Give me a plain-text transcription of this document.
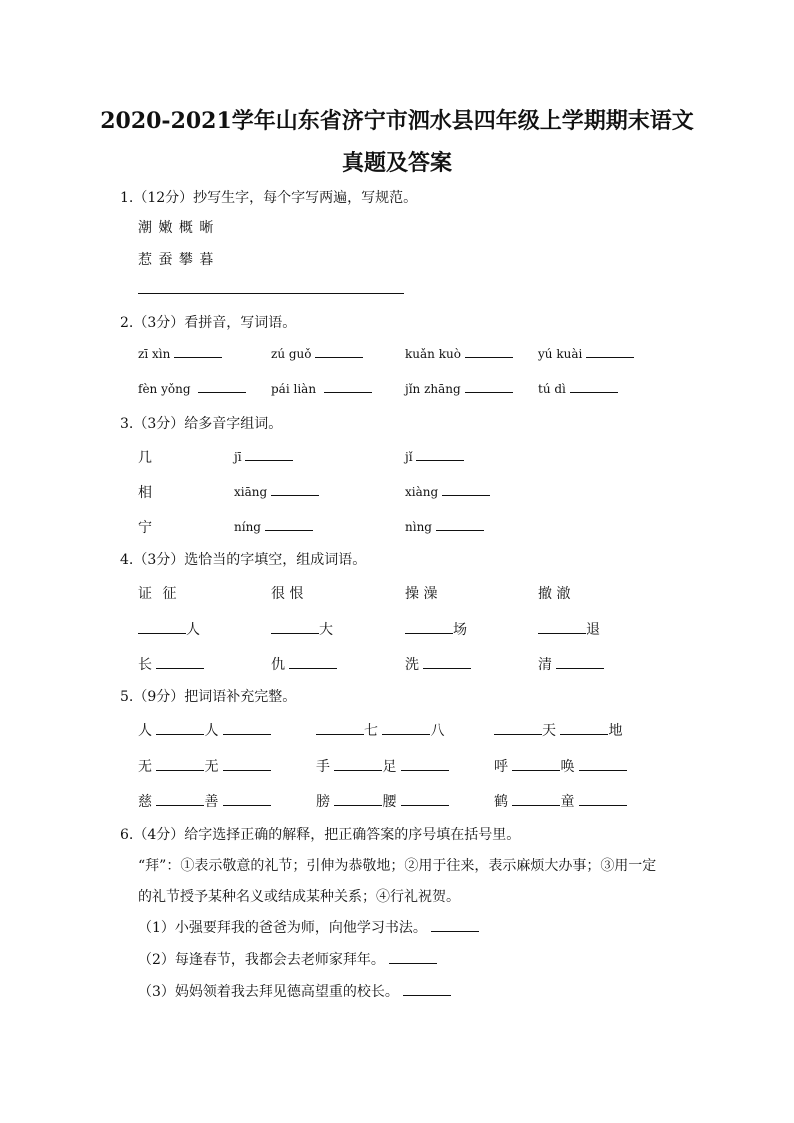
2020-2021学年山东省济宁市泗水县四年级上学期期末语文
真题及答案
1.（12分）抄写生字，每个字写两遍，写规范。
潮 嫩 概 晰
惹 蚕 攀 暮
2.（3分）看拼音，写词语。
zī xìn	zú guǒ	kuǎn kuò	yú kuài
fèn yǒng	pái liàn	jǐn zhāng	tú dì
3.（3分）给多音字组词。
几	jī	jǐ
相	xiāng	xiàng
宁	níng	nìng
4.（3分）选恰当的字填空，组成词语。
证 征	很 恨	操 澡	撤 澈
人	大	场	退
长	仇	洗	清
5.（9分）把词语补充完整。
人	人	七	八	天	地
无	无	手	足	呼	唤
慈	善	膀	腰	鹤	童
6.（4分）给字选择正确的解释，把正确答案的序号填在括号里。
“拜”：①表示敬意的礼节；引伸为恭敬地；②用于往来，表示麻烦大办事；③用一定
的礼节授予某种名义或结成某种关系；④行礼祝贺。
（1）小强要拜我的爸爸为师，向他学习书法。
（2）每逢春节，我都会去老师家拜年。
（3）妈妈领着我去拜见德高望重的校长。
